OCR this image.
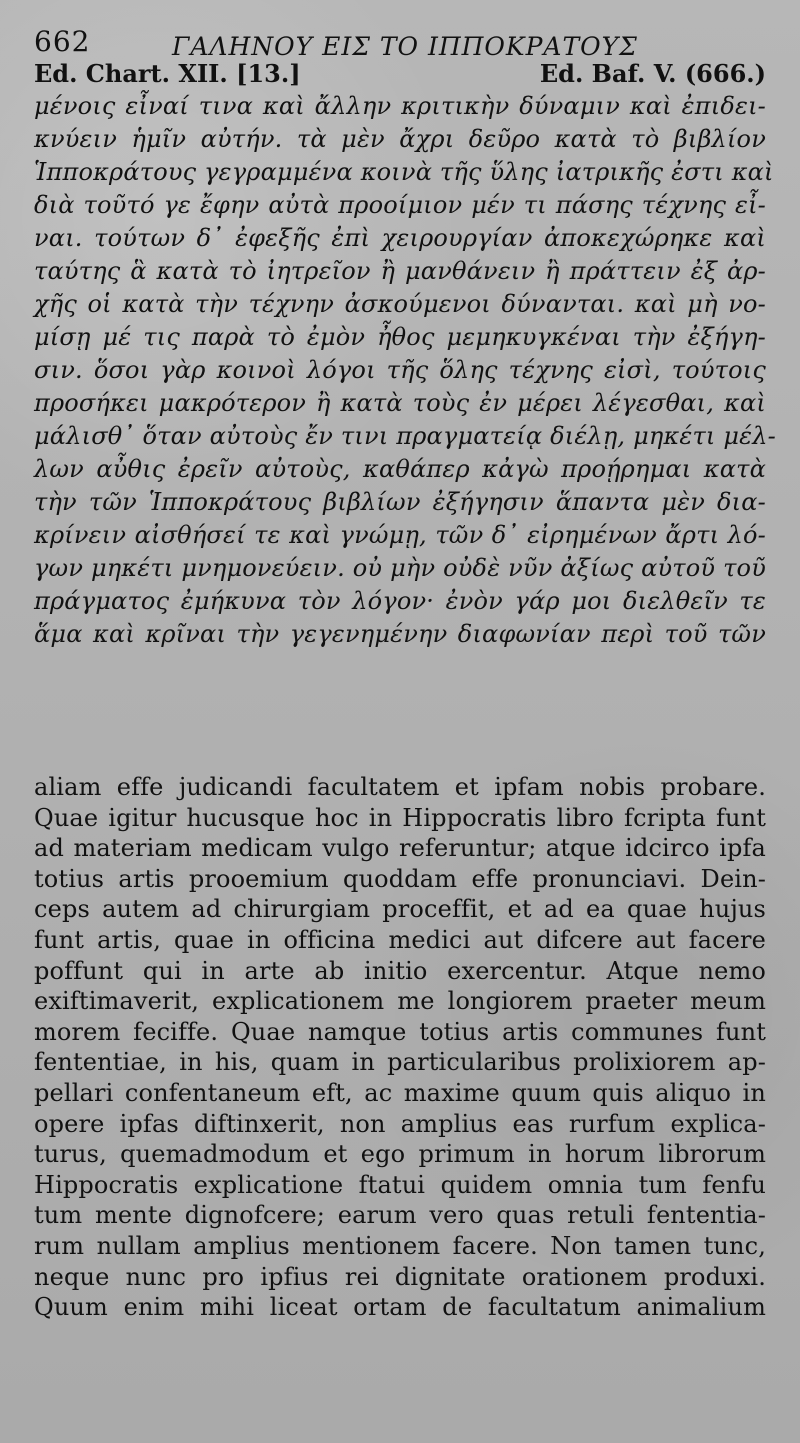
662	ΓΑΛΗΝΟΥ ΕΙΣ ΤΟ ΙΠΠΟΚΡΑΤΟΥΣ
Ed. Chart. XII. [13.]	Ed. Baf. V. (666.)
μένοις εἶναί τινα καὶ ἄλλην κριτικὴν δύναμιν καὶ ἐπιδει-
κνύειν ἡμῖν αὐτήν. τὰ μὲν ἄχρι δεῦρο κατὰ τὸ βιβλίον
Ἱπποκράτους γεγραμμένα κοινὰ τῆς ὕλης ἰατρικῆς ἐστι καὶ
διὰ τοῦτό γε ἔφην αὐτὰ προοίμιον μέν τι πάσης τέχνης εἶ-
ναι. τούτων δ᾽ ἐφεξῆς ἐπὶ χειρουργίαν ἀποκεχώρηκε καὶ
ταύτης ἃ κατὰ τὸ ἰητρεῖον ἢ μανθάνειν ἢ πράττειν ἐξ ἀρ-
χῆς οἱ κατὰ τὴν τέχνην ἀσκούμενοι δύνανται. καὶ μὴ νο-
μίσῃ μέ τις παρὰ τὸ ἐμὸν ἦθος μεμηκυγκέναι τὴν ἐξήγη-
σιν. ὅσοι γὰρ κοινοὶ λόγοι τῆς ὅλης τέχνης εἰσὶ, τούτοις
προσήκει μακρότερον ἢ κατὰ τοὺς ἐν μέρει λέγεσθαι, καὶ
μάλισθ᾽ ὅταν αὐτοὺς ἔν τινι πραγματείᾳ διέλῃ, μηκέτι μέλ-
λων αὖθις ἐρεῖν αὐτοὺς, καθάπερ κἀγὼ προῄρημαι κατὰ
τὴν τῶν Ἱπποκράτους βιβλίων ἐξήγησιν ἅπαντα μὲν δια-
κρίνειν αἰσθήσεί τε καὶ γνώμῃ, τῶν δ᾽ εἰρημένων ἄρτι λό-
γων μηκέτι μνημονεύειν. οὐ μὴν οὐδὲ νῦν ἀξίως αὐτοῦ τοῦ
πράγματος ἐμήκυνα τὸν λόγον· ἐνὸν γάρ μοι διελθεῖν τε
ἅμα καὶ κρῖναι τὴν γεγενημένην διαφωνίαν περὶ τοῦ τῶν
aliam effe judicandi facultatem et ipfam nobis probare.
Quae igitur hucusque hoc in Hippocratis libro fcripta funt
ad materiam medicam vulgo referuntur; atque idcirco ipfa
totius artis prooemium quoddam effe pronunciavi. Dein-
ceps autem ad chirurgiam proceffit, et ad ea quae hujus
funt artis, quae in officina medici aut difcere aut facere
poffunt qui in arte ab initio exercentur. Atque nemo
exiftimaverit, explicationem me longiorem praeter meum
morem feciffe. Quae namque totius artis communes funt
fententiae, in his, quam in particularibus prolixiorem ap-
pellari confentaneum eft, ac maxime quum quis aliquo in
opere ipfas diftinxerit, non amplius eas rurfum explica-
turus, quemadmodum et ego primum in horum librorum
Hippocratis explicatione ftatui quidem omnia tum fenfu
tum mente dignofcere; earum vero quas retuli fententia-
rum nullam amplius mentionem facere. Non tamen tunc,
neque nunc pro ipfius rei dignitate orationem produxi.
Quum enim mihi liceat ortam de facultatum animalium
